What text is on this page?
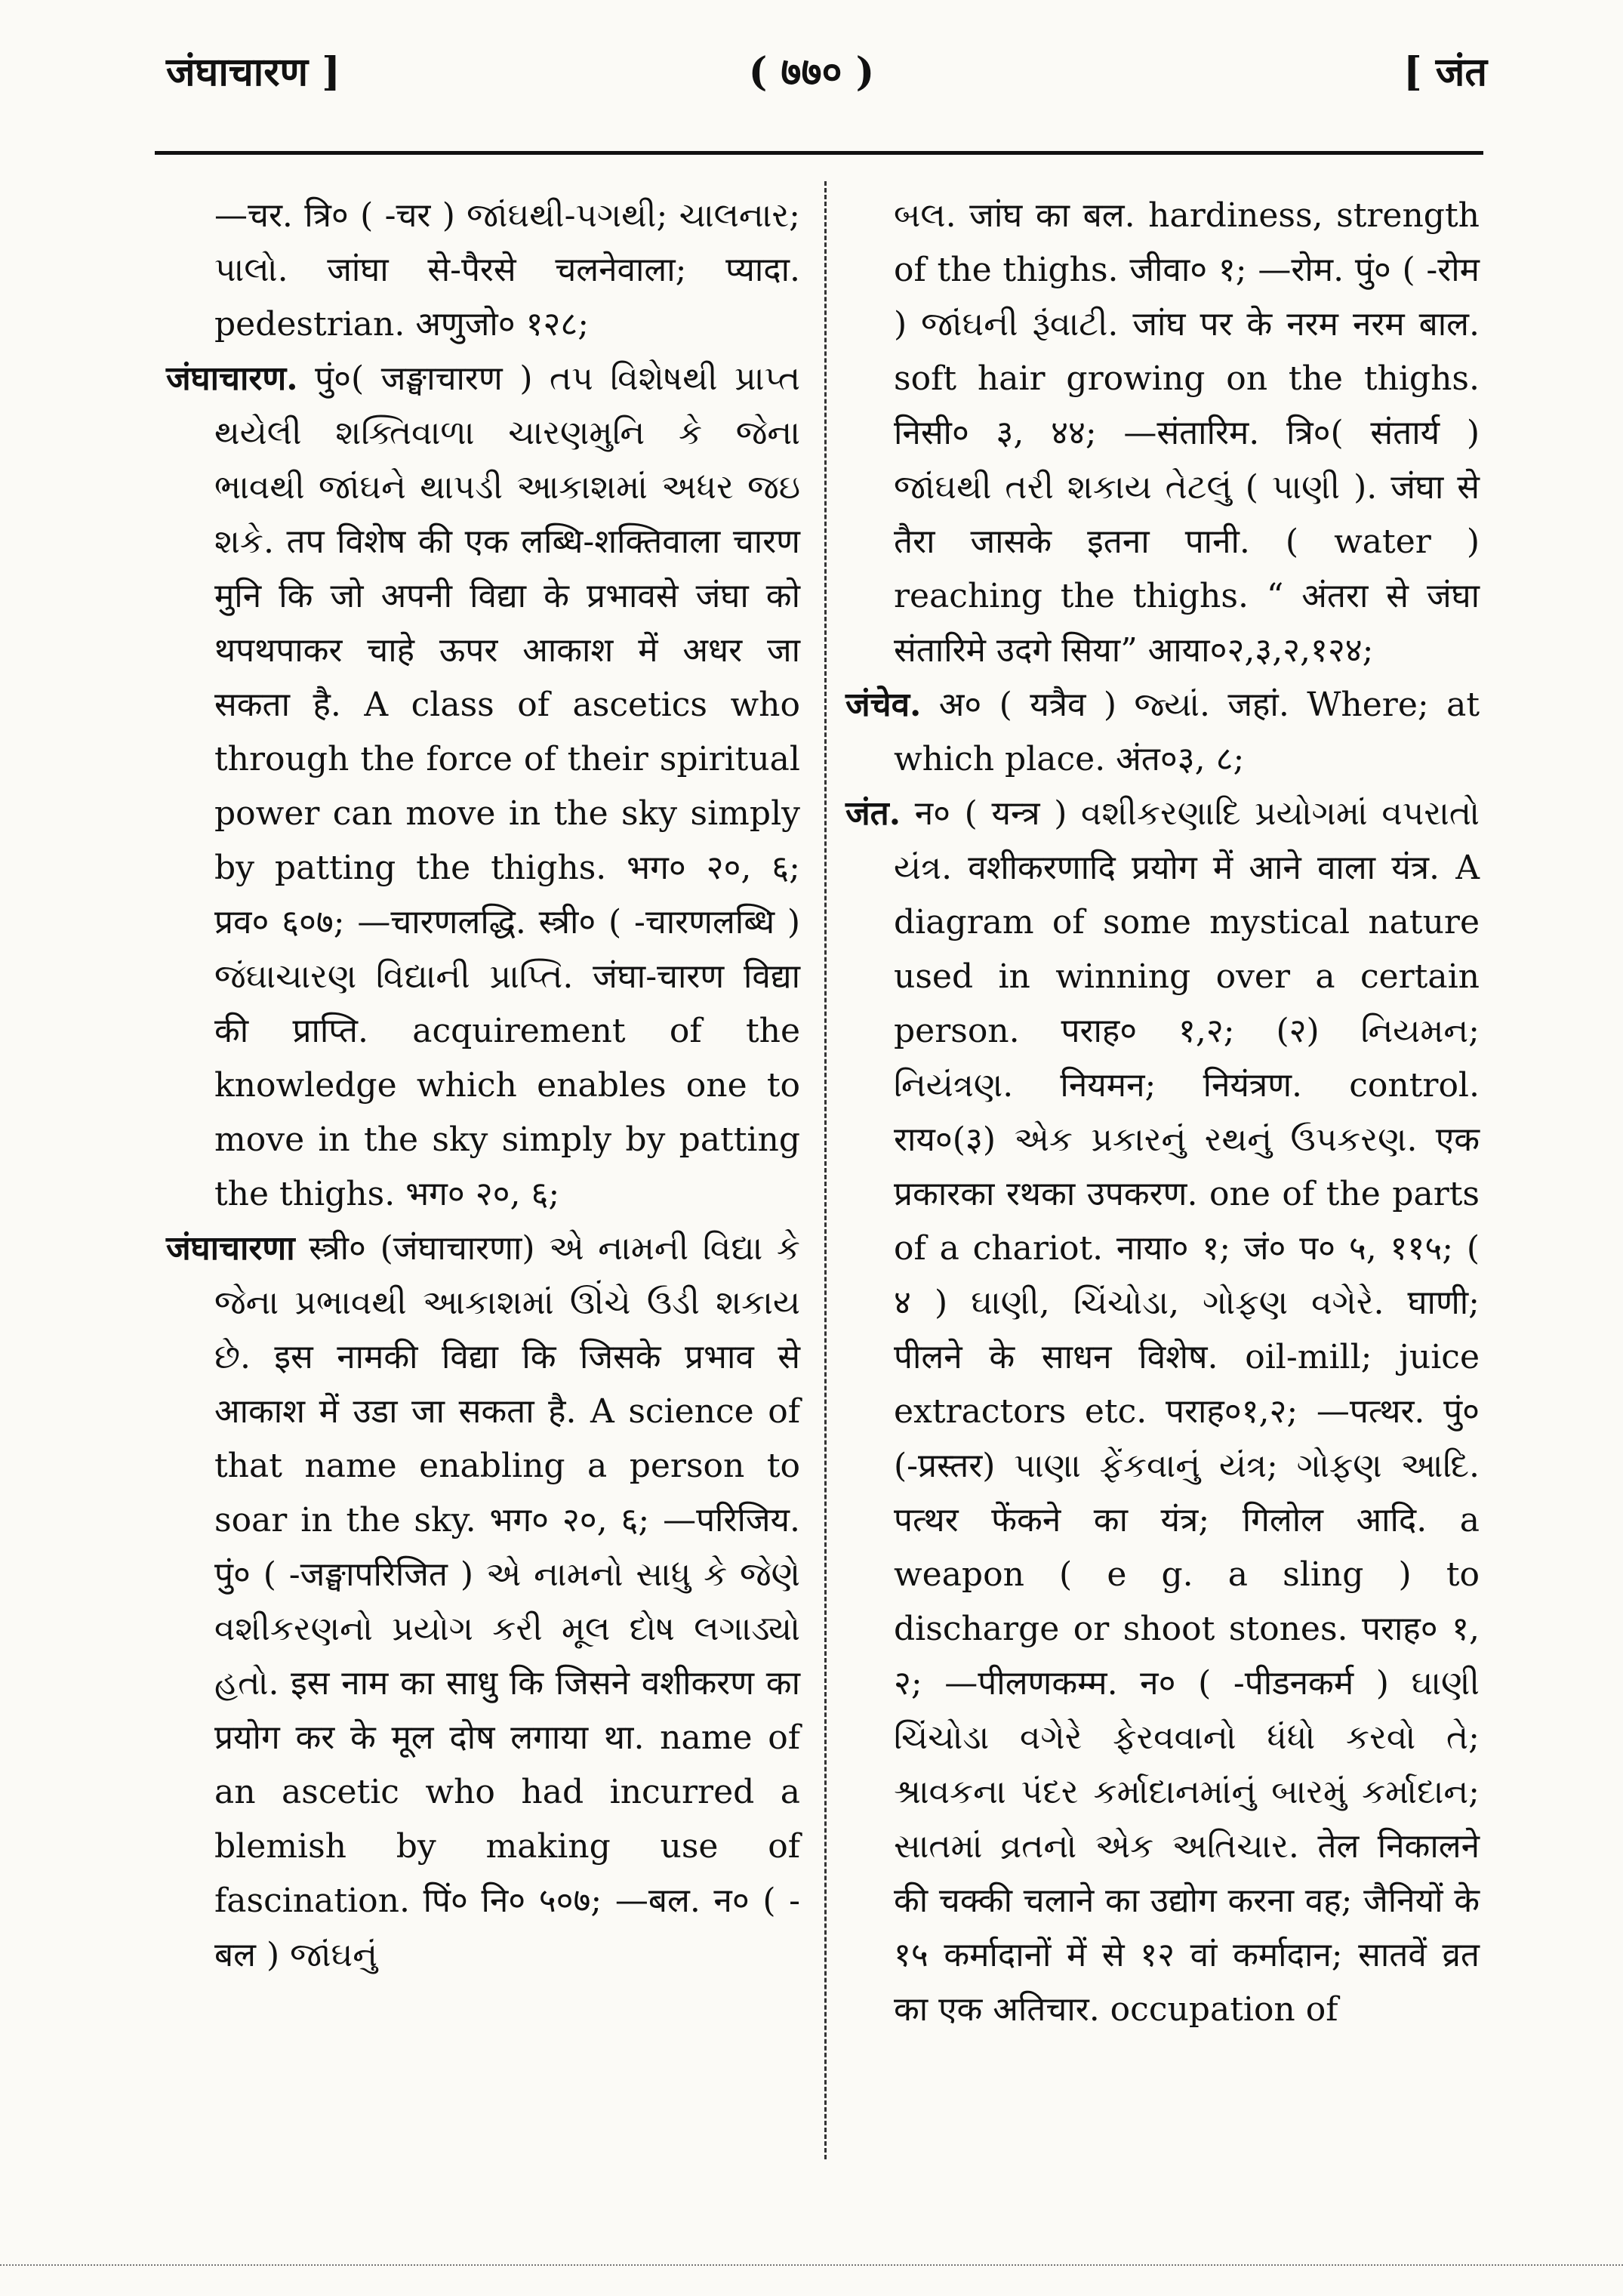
जंघाचारण ]	( ७७० )	[ जंत

—चर. त्रि० ( -चर ) જાંઘથી-પગથી; ચાલનાર; પાલો. जांघा से-पैरसे चलनेवाला; प्यादा. pedestrian. अणुजो० १२८;

जंघाचारण. पुं०( जङ्घाचारण ) તપ વિશેષથી પ્રાપ્ત થયેલી શક્તિવાળા ચારણમુનિ કે જેના ભાવથી જાંઘને થાપડી આકાશમાં અધર જઇ શકે. तप विशेष की एक लब्धि-शक्तिवाला चारण मुनि कि जो अपनी विद्या के प्रभावसे जंघा को थपथपाकर चाहे ऊपर आकाश में अधर जा सकता है. A class of ascetics who through the force of their spiritual power can move in the sky simply by patting the thighs. भग० २०, ६; प्रव० ६०७; —चारणलद्धि. स्त्री० ( -चारणलब्धि ) જંઘાચારણ વિદ્યાની પ્રાપ્તિ. जंघा-चारण विद्या की प्राप्ति. acquirement of the knowledge which enables one to move in the sky simply by patting the thighs. भग० २०, ६;

जंघाचारणा स्त्री० (जंघाचारणा) એ નામની વિદ્યા કે જેના પ્રભાવથી આકાશમાં ઊંચે ઉડી શકાય છે. इस नामकी विद्या कि जिसके प्रभाव से आकाश में उडा जा सकता है. A science of that name enabling a person to soar in the sky. भग० २०, ६; —परिजिय. पुं० ( -जङ्घापरिजित ) એ નામનો સાધુ કે જેણે વશીકરણનો પ્રયોગ કરી મૂલ દોષ લગાડ્યો હતો. इस नाम का साधु कि जिसने वशीकरण का प्रयोग कर के मूल दोष लगाया था. name of an ascetic who had incurred a blemish by making use of fascination. पिं० नि० ५०७; —बल. न० ( -बल ) જાંઘનું

બલ. जांघ का बल. hardiness, strength of the thighs. जीवा० १; —रोम. पुं० ( -रोम ) જાંઘની રૂંવાટી. जांघ पर के नरम नरम बाल. soft hair growing on the thighs. निसी० ३, ४४; —संतारिम. त्रि०( संतार्य ) જાંઘથી તરી શકાય તેટલું ( પાણી ). जंघा से तैरा जासके इतना पानी. ( water ) reaching the thighs. “ अंतरा से जंघा संतारिमे उदगे सिया” आया०२,३,२,१२४;

जंचेव. अ० ( यत्रैव ) જ્યાં. जहां. Where; at which place. अंत०३, ८;

जंत. न० ( यन्त्र ) વશીકરણાદિ પ્રયોગમાં વપરાતો યંત્ર. वशीकरणादि प्रयोग में आने वाला यंत्र. A diagram of some mystical nature used in winning over a certain person. पराह० १,२; (२) નિયમન; નિયંત્રણ. नियमन; नियंत्रण. control. राय०(३) એક પ્રકારનું રથનું ઉપકરણ. एक प्रकारका रथका उपकरण. one of the parts of a chariot. नाया० १; जं० प० ५, ११५; ( ४ ) ઘાણી, ચિંચોડા, ગોફણ વગેરે. घाणी; पीलने के साधन विशेष. oil-mill; juice extractors etc. पराह०१,२; —पत्थर. पुं० (-प्रस्तर) પાણા ફેંકવાનું યંત્ર; ગોફણ આદિ. पत्थर फेंकने का यंत्र; गिलोल आदि. a weapon ( e g. a sling ) to discharge or shoot stones. पराह० १, २; —पीलणकम्म. न० ( -पीडनकर्म ) ઘાણી ચિંચોડા વગેરે ફેરવવાનો ધંધો કરવો તે; શ્રાવકના પંદર કર્માદાનમાંનું બારમું કર્માદાન; સાતમાં વ્રતનો એક અતિચાર. तेल निकालने की चक्की चलाने का उद्योग करना वह; जैनियों के १५ कर्मादानों में से १२ वां कर्मादान; सातवें व्रत का एक अतिचार. occupation of
